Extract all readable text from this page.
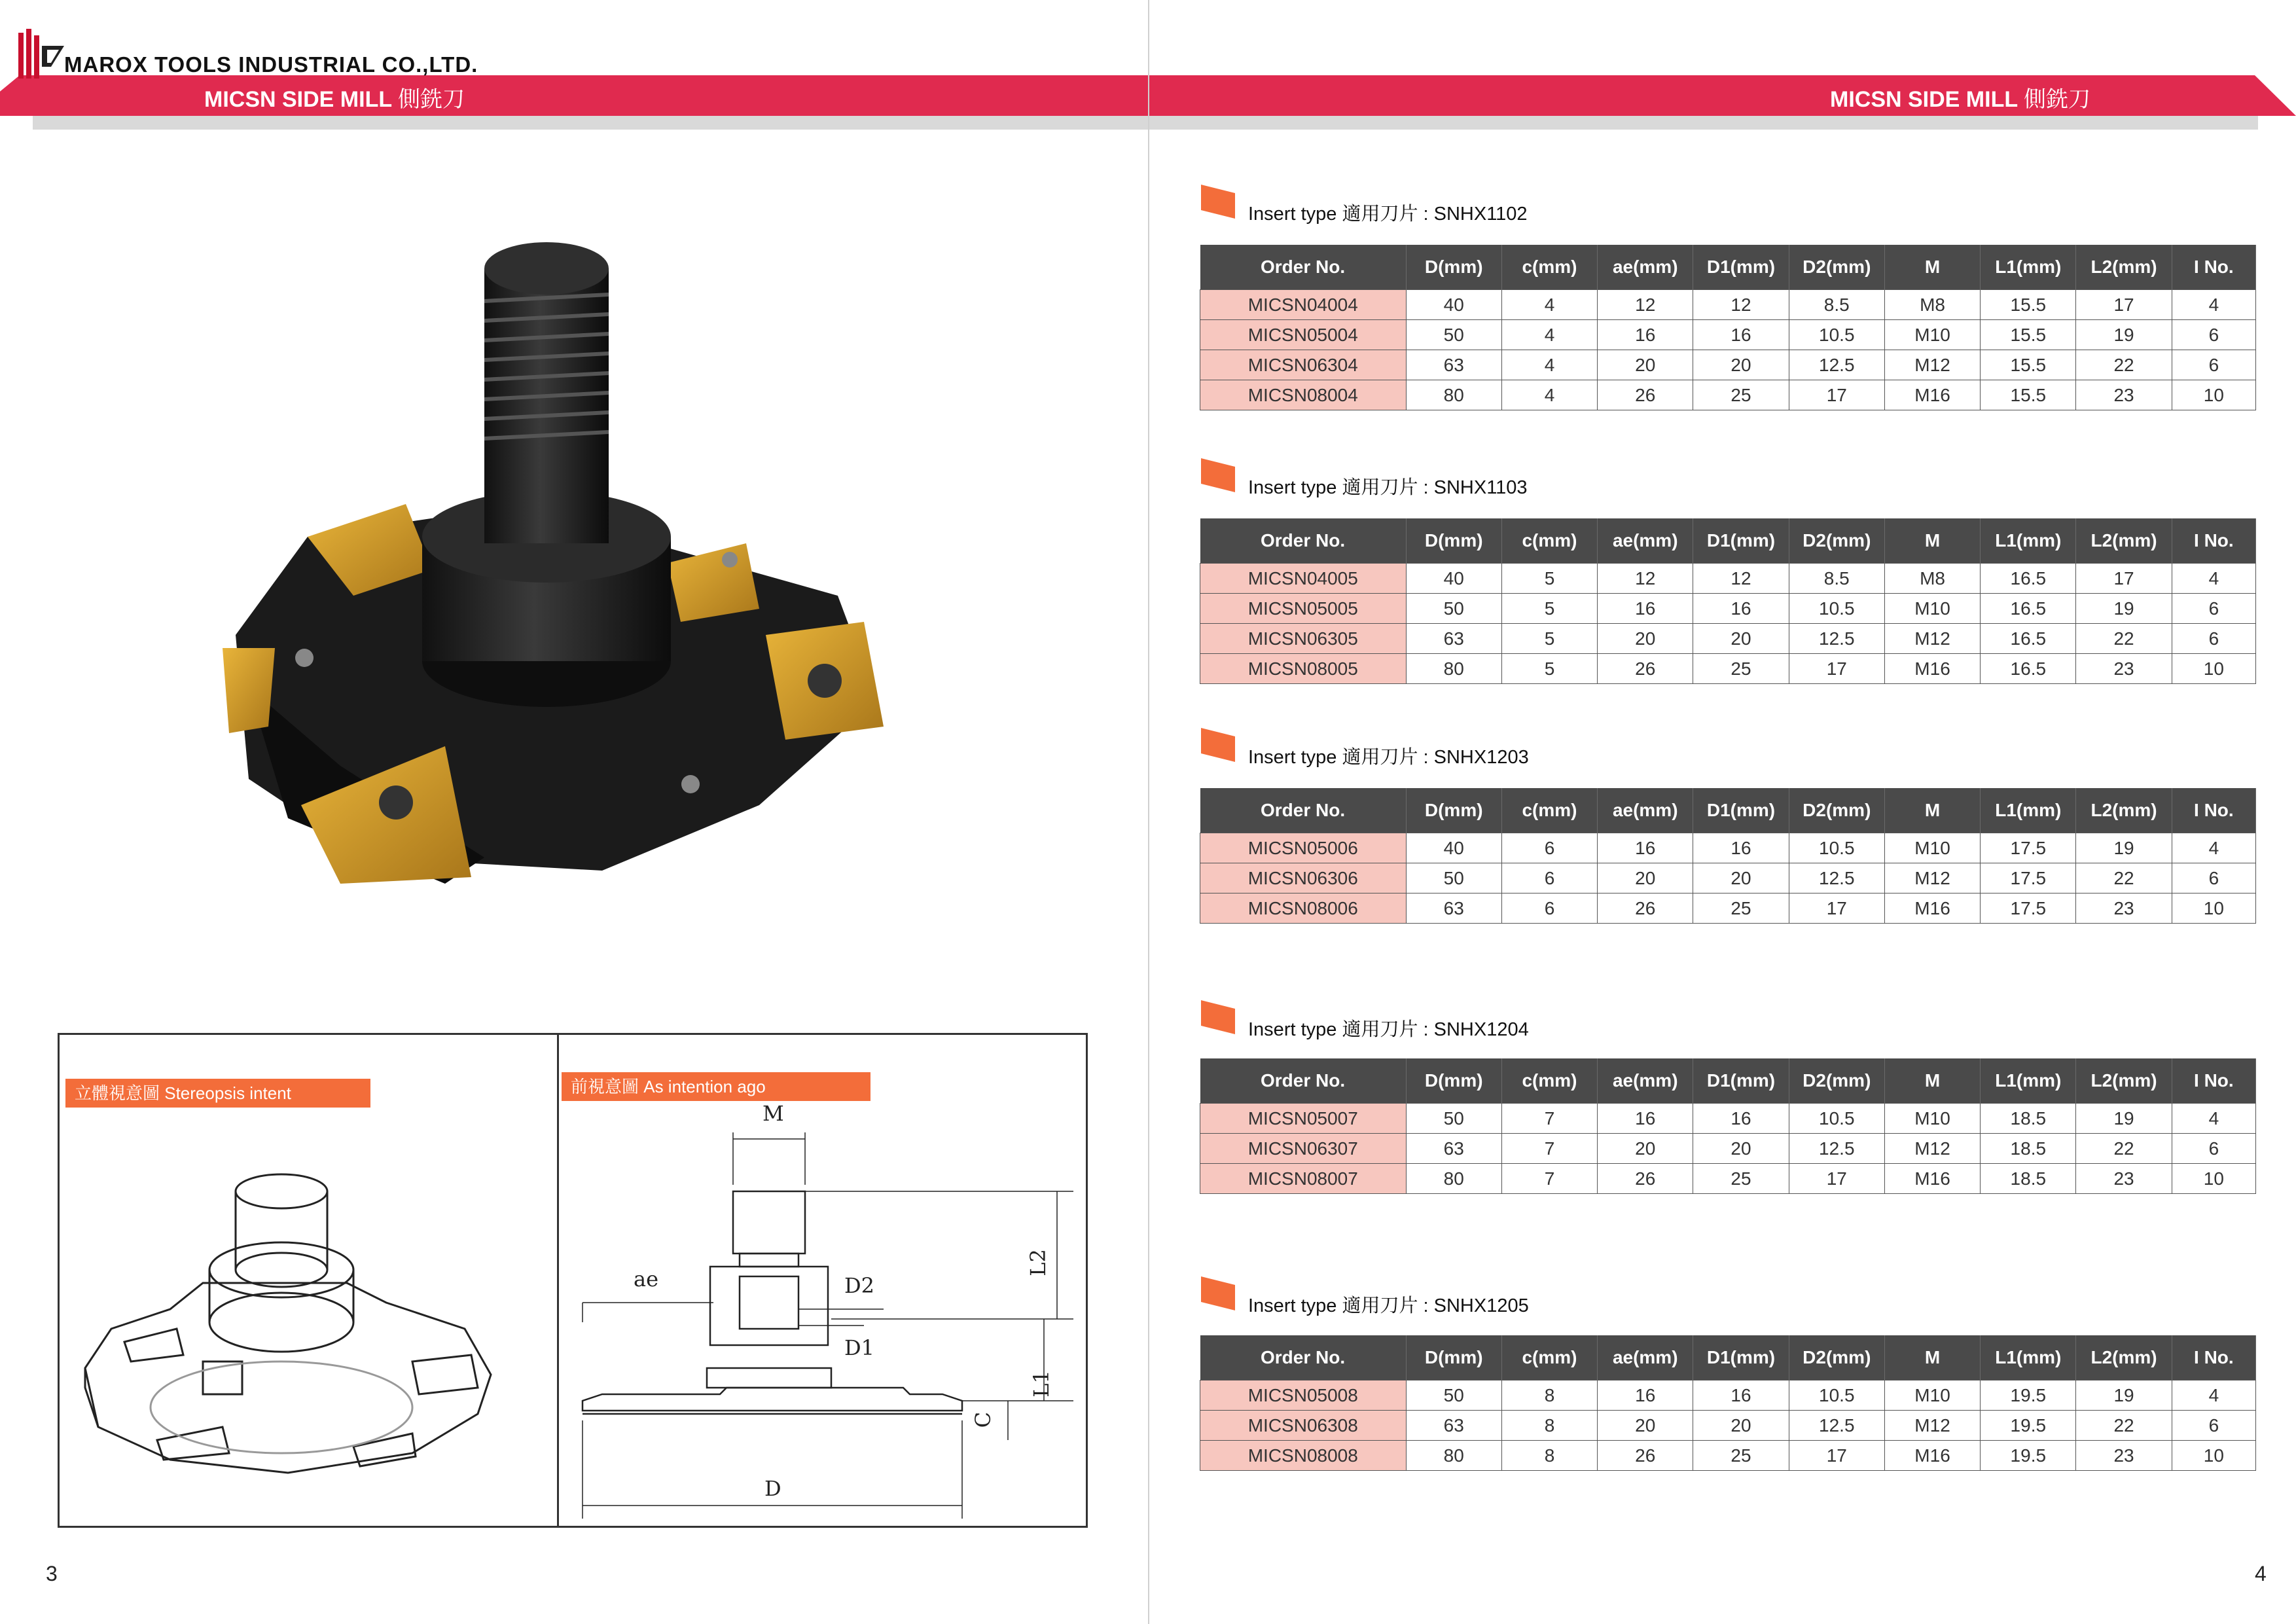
MAROX TOOLS INDUSTRIAL CO.,LTD.
MICSN SIDE MILL 側銑刀	MICSN SIDE MILL 側銑刀
立體視意圖 Stereopsis intent	前視意圖 As intention ago
M
ae	D2
D1
L2
L1
C
D
Insert type 適用刀片 : SNHX1102
Order No.	D(mm)	c(mm)	ae(mm)	D1(mm)	D2(mm)	M	L1(mm)	L2(mm)	I No.
MICSN04004	40	4	12	12	8.5	M8	15.5	17	4
MICSN05004	50	4	16	16	10.5	M10	15.5	19	6
MICSN06304	63	4	20	20	12.5	M12	15.5	22	6
MICSN08004	80	4	26	25	17	M16	15.5	23	10
Insert type 適用刀片 : SNHX1103
Order No.	D(mm)	c(mm)	ae(mm)	D1(mm)	D2(mm)	M	L1(mm)	L2(mm)	I No.
MICSN04005	40	5	12	12	8.5	M8	16.5	17	4
MICSN05005	50	5	16	16	10.5	M10	16.5	19	6
MICSN06305	63	5	20	20	12.5	M12	16.5	22	6
MICSN08005	80	5	26	25	17	M16	16.5	23	10
Insert type 適用刀片 : SNHX1203
Order No.	D(mm)	c(mm)	ae(mm)	D1(mm)	D2(mm)	M	L1(mm)	L2(mm)	I No.
MICSN05006	40	6	16	16	10.5	M10	17.5	19	4
MICSN06306	50	6	20	20	12.5	M12	17.5	22	6
MICSN08006	63	6	26	25	17	M16	17.5	23	10
Insert type 適用刀片 : SNHX1204
Order No.	D(mm)	c(mm)	ae(mm)	D1(mm)	D2(mm)	M	L1(mm)	L2(mm)	I No.
MICSN05007	50	7	16	16	10.5	M10	18.5	19	4
MICSN06307	63	7	20	20	12.5	M12	18.5	22	6
MICSN08007	80	7	26	25	17	M16	18.5	23	10
Insert type 適用刀片 : SNHX1205
Order No.	D(mm)	c(mm)	ae(mm)	D1(mm)	D2(mm)	M	L1(mm)	L2(mm)	I No.
MICSN05008	50	8	16	16	10.5	M10	19.5	19	4
MICSN06308	63	8	20	20	12.5	M12	19.5	22	6
MICSN08008	80	8	26	25	17	M16	19.5	23	10
3	4
